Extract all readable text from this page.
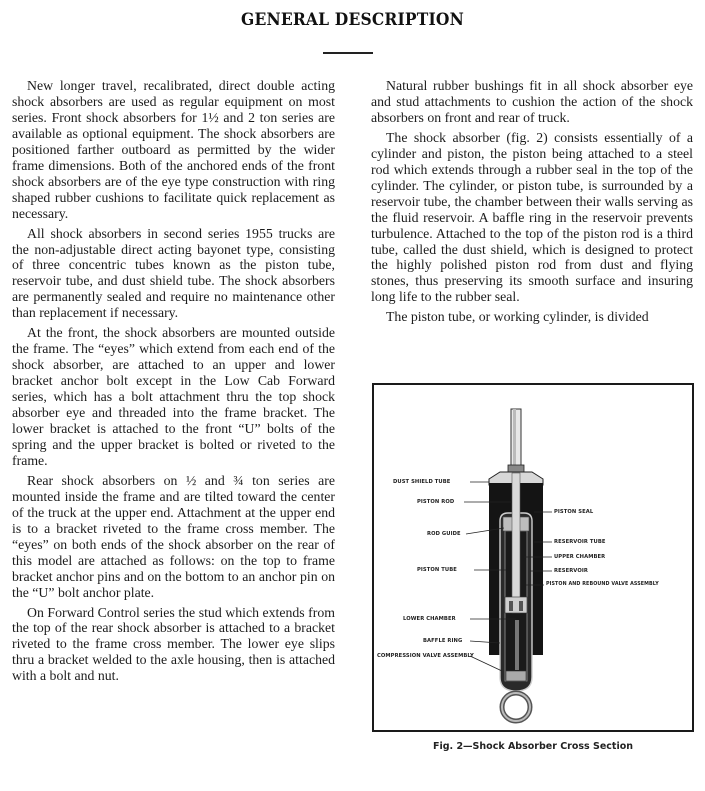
GENERAL DESCRIPTION

New longer travel, recalibrated, direct double acting shock absorbers are used as regular equipment on most series. Front shock absorbers for 1½ and 2 ton series are available as optional equipment. The shock absorbers are positioned farther outboard as permitted by the wider frame dimensions. Both of the anchored ends of the front shock absorbers are of the eye type construction with ring shaped rubber cushions to facilitate quick replacement as necessary.

All shock absorbers in second series 1955 trucks are the non-adjustable direct acting bayonet type, consisting of three concentric tubes known as the piston tube, reservoir tube, and dust shield tube. The shock absorbers are permanently sealed and require no maintenance other than replacement if necessary.

At the front, the shock absorbers are mounted outside the frame. The “eyes” which extend from each end of the shock absorber, are attached to an upper and lower bracket anchor bolt except in the Low Cab Forward series, which has a bolt attachment thru the top shock absorber eye and threaded into the frame bracket. The lower bracket is attached to the front “U” bolts of the spring and the upper bracket is bolted or riveted to the frame.

Rear shock absorbers on ½ and ¾ ton series are mounted inside the frame and are tilted toward the center of the truck at the upper end. Attachment at the upper end is to a bracket riveted to the frame cross member. The “eyes” on both ends of the shock absorber on the rear of this model are attached as follows: on the top to frame bracket anchor pins and on the bottom to an anchor pin on the “U” bolt anchor plate.

On Forward Control series the stud which extends from the top of the rear shock absorber is attached to a bracket riveted to the frame cross member. The lower eye slips thru a bracket welded to the axle housing, then is attached with a bolt and nut.

Natural rubber bushings fit in all shock absorber eye and stud attachments to cushion the action of the shock absorbers on front and rear of truck.

The shock absorber (fig. 2) consists essentially of a cylinder and piston, the piston being attached to a steel rod which extends through a rubber seal in the top of the cylinder. The cylinder, or piston tube, is surrounded by a reservoir tube, the chamber between their walls serving as the fluid reservoir. A baffle ring in the reservoir prevents turbulence. Attached to the top of the piston rod is a third tube, called the dust shield, which is designed to protect the highly polished piston rod from dust and flying stones, thus preserving its smooth surface and insuring long life to the rubber seal.

The piston tube, or working cylinder, is divided

DUST SHIELD TUBE
PISTON ROD
ROD GUIDE
PISTON TUBE
LOWER CHAMBER
BAFFLE RING
COMPRESSION VALVE ASSEMBLY
PISTON SEAL
RESERVOIR TUBE
UPPER CHAMBER
RESERVOIR
PISTON AND REBOUND VALVE ASSEMBLY
Fig. 2—Shock Absorber Cross Section
